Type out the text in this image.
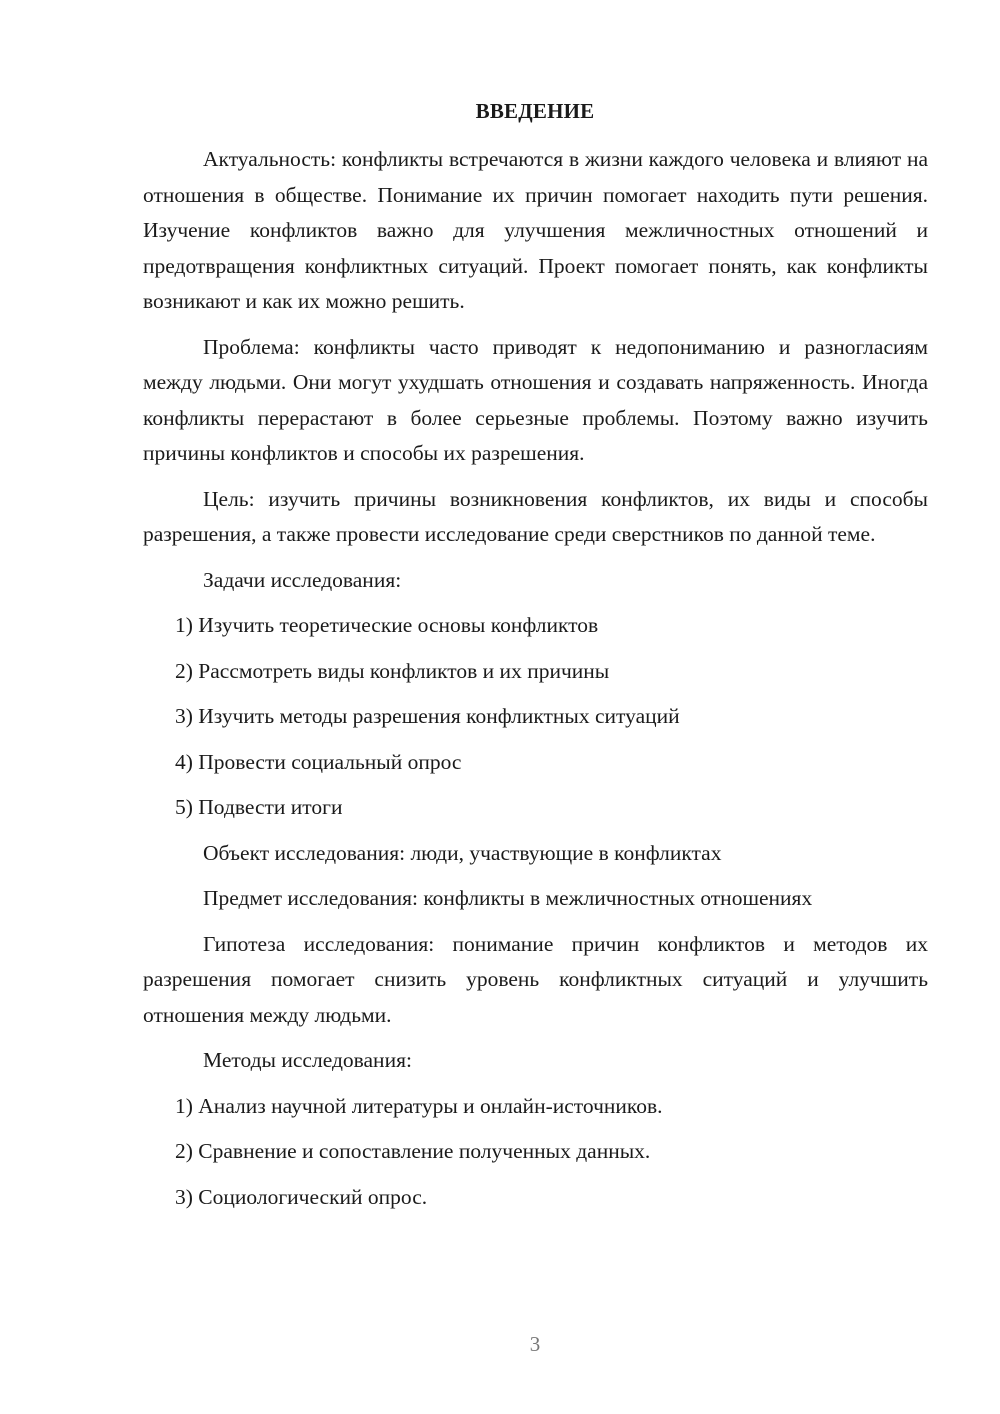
ВВЕДЕНИЕ

Актуальность: конфликты встречаются в жизни каждого человека и влияют на отношения в обществе. Понимание их причин помогает находить пути решения. Изучение конфликтов важно для улучшения межличностных отношений и предотвращения конфликтных ситуаций. Проект помогает понять, как конфликты возникают и как их можно решить.

Проблема: конфликты часто приводят к недопониманию и разногласиям между людьми. Они могут ухудшать отношения и создавать напряженность. Иногда конфликты перерастают в более серьезные проблемы. Поэтому важно изучить причины конфликтов и способы их разрешения.

Цель: изучить причины возникновения конфликтов, их виды и способы разрешения, а также провести исследование среди сверстников по данной теме.

Задачи исследования:

1) Изучить теоретические основы конфликтов

2) Рассмотреть виды конфликтов и их причины

3) Изучить методы разрешения конфликтных ситуаций

4) Провести социальный опрос

5) Подвести итоги

Объект исследования: люди, участвующие в конфликтах

Предмет исследования: конфликты в межличностных отношениях

Гипотеза исследования: понимание причин конфликтов и методов их разрешения помогает снизить уровень конфликтных ситуаций и улучшить отношения между людьми.

Методы исследования:

1) Анализ научной литературы и онлайн-источников.

2) Сравнение и сопоставление полученных данных.

3) Социологический опрос.

3
